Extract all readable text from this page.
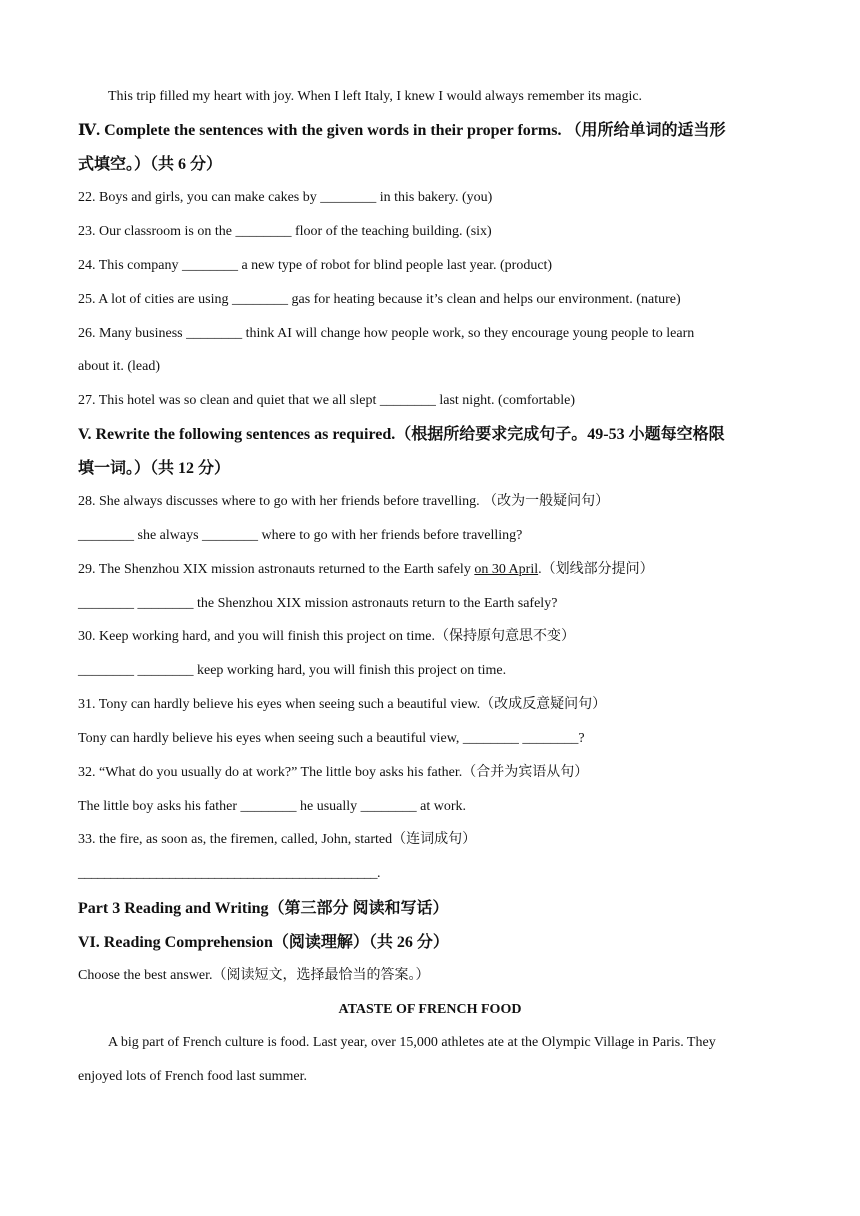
This trip filled my heart with joy. When I left Italy, I knew I would always remember its magic.
Ⅳ. Complete the sentences with the given words in their proper forms. （用所给单词的适当形
式填空。）（共 6 分）
22. Boys and girls, you can make cakes by ________ in this bakery. (you)
23. Our classroom is on the ________ floor of the teaching building. (six)
24. This company ________ a new type of robot for blind people last year. (product)
25. A lot of cities are using ________ gas for heating because it’s clean and helps our environment. (nature)
26. Many business ________ think AI will change how people work, so they encourage young people to learn
about it. (lead)
27. This hotel was so clean and quiet that we all slept ________ last night. (comfortable)
V. Rewrite the following sentences as required.（根据所给要求完成句子。49-53 小题每空格限
填一词。）（共 12 分）
28. She always discusses where to go with her friends before travelling. （改为一般疑问句）
________ she always ________ where to go with her friends before travelling?
29. The Shenzhou XIX mission astronauts returned to the Earth safely on 30 April.（划线部分提问）
________ ________ the Shenzhou XIX mission astronauts return to the Earth safely?
30. Keep working hard, and you will finish this project on time.（保持原句意思不变）
________ ________ keep working hard, you will finish this project on time.
31. Tony can hardly believe his eyes when seeing such a beautiful view.（改成反意疑问句）
Tony can hardly believe his eyes when seeing such a beautiful view, ________ ________?
32. “What do you usually do at work?” The little boy asks his father.（合并为宾语从句）
The little boy asks his father ________ he usually ________ at work.
33. the fire, as soon as, the firemen, called, John, started（连词成句）
______________________________________________.
Part 3 Reading and Writing（第三部分 阅读和写话）
VI. Reading Comprehension（阅读理解）（共 26 分）
Choose the best answer.（阅读短文，选择最恰当的答案。）
ATASTE OF FRENCH FOOD
A big part of French culture is food. Last year, over 15,000 athletes ate at the Olympic Village in Paris. They
enjoyed lots of French food last summer.
